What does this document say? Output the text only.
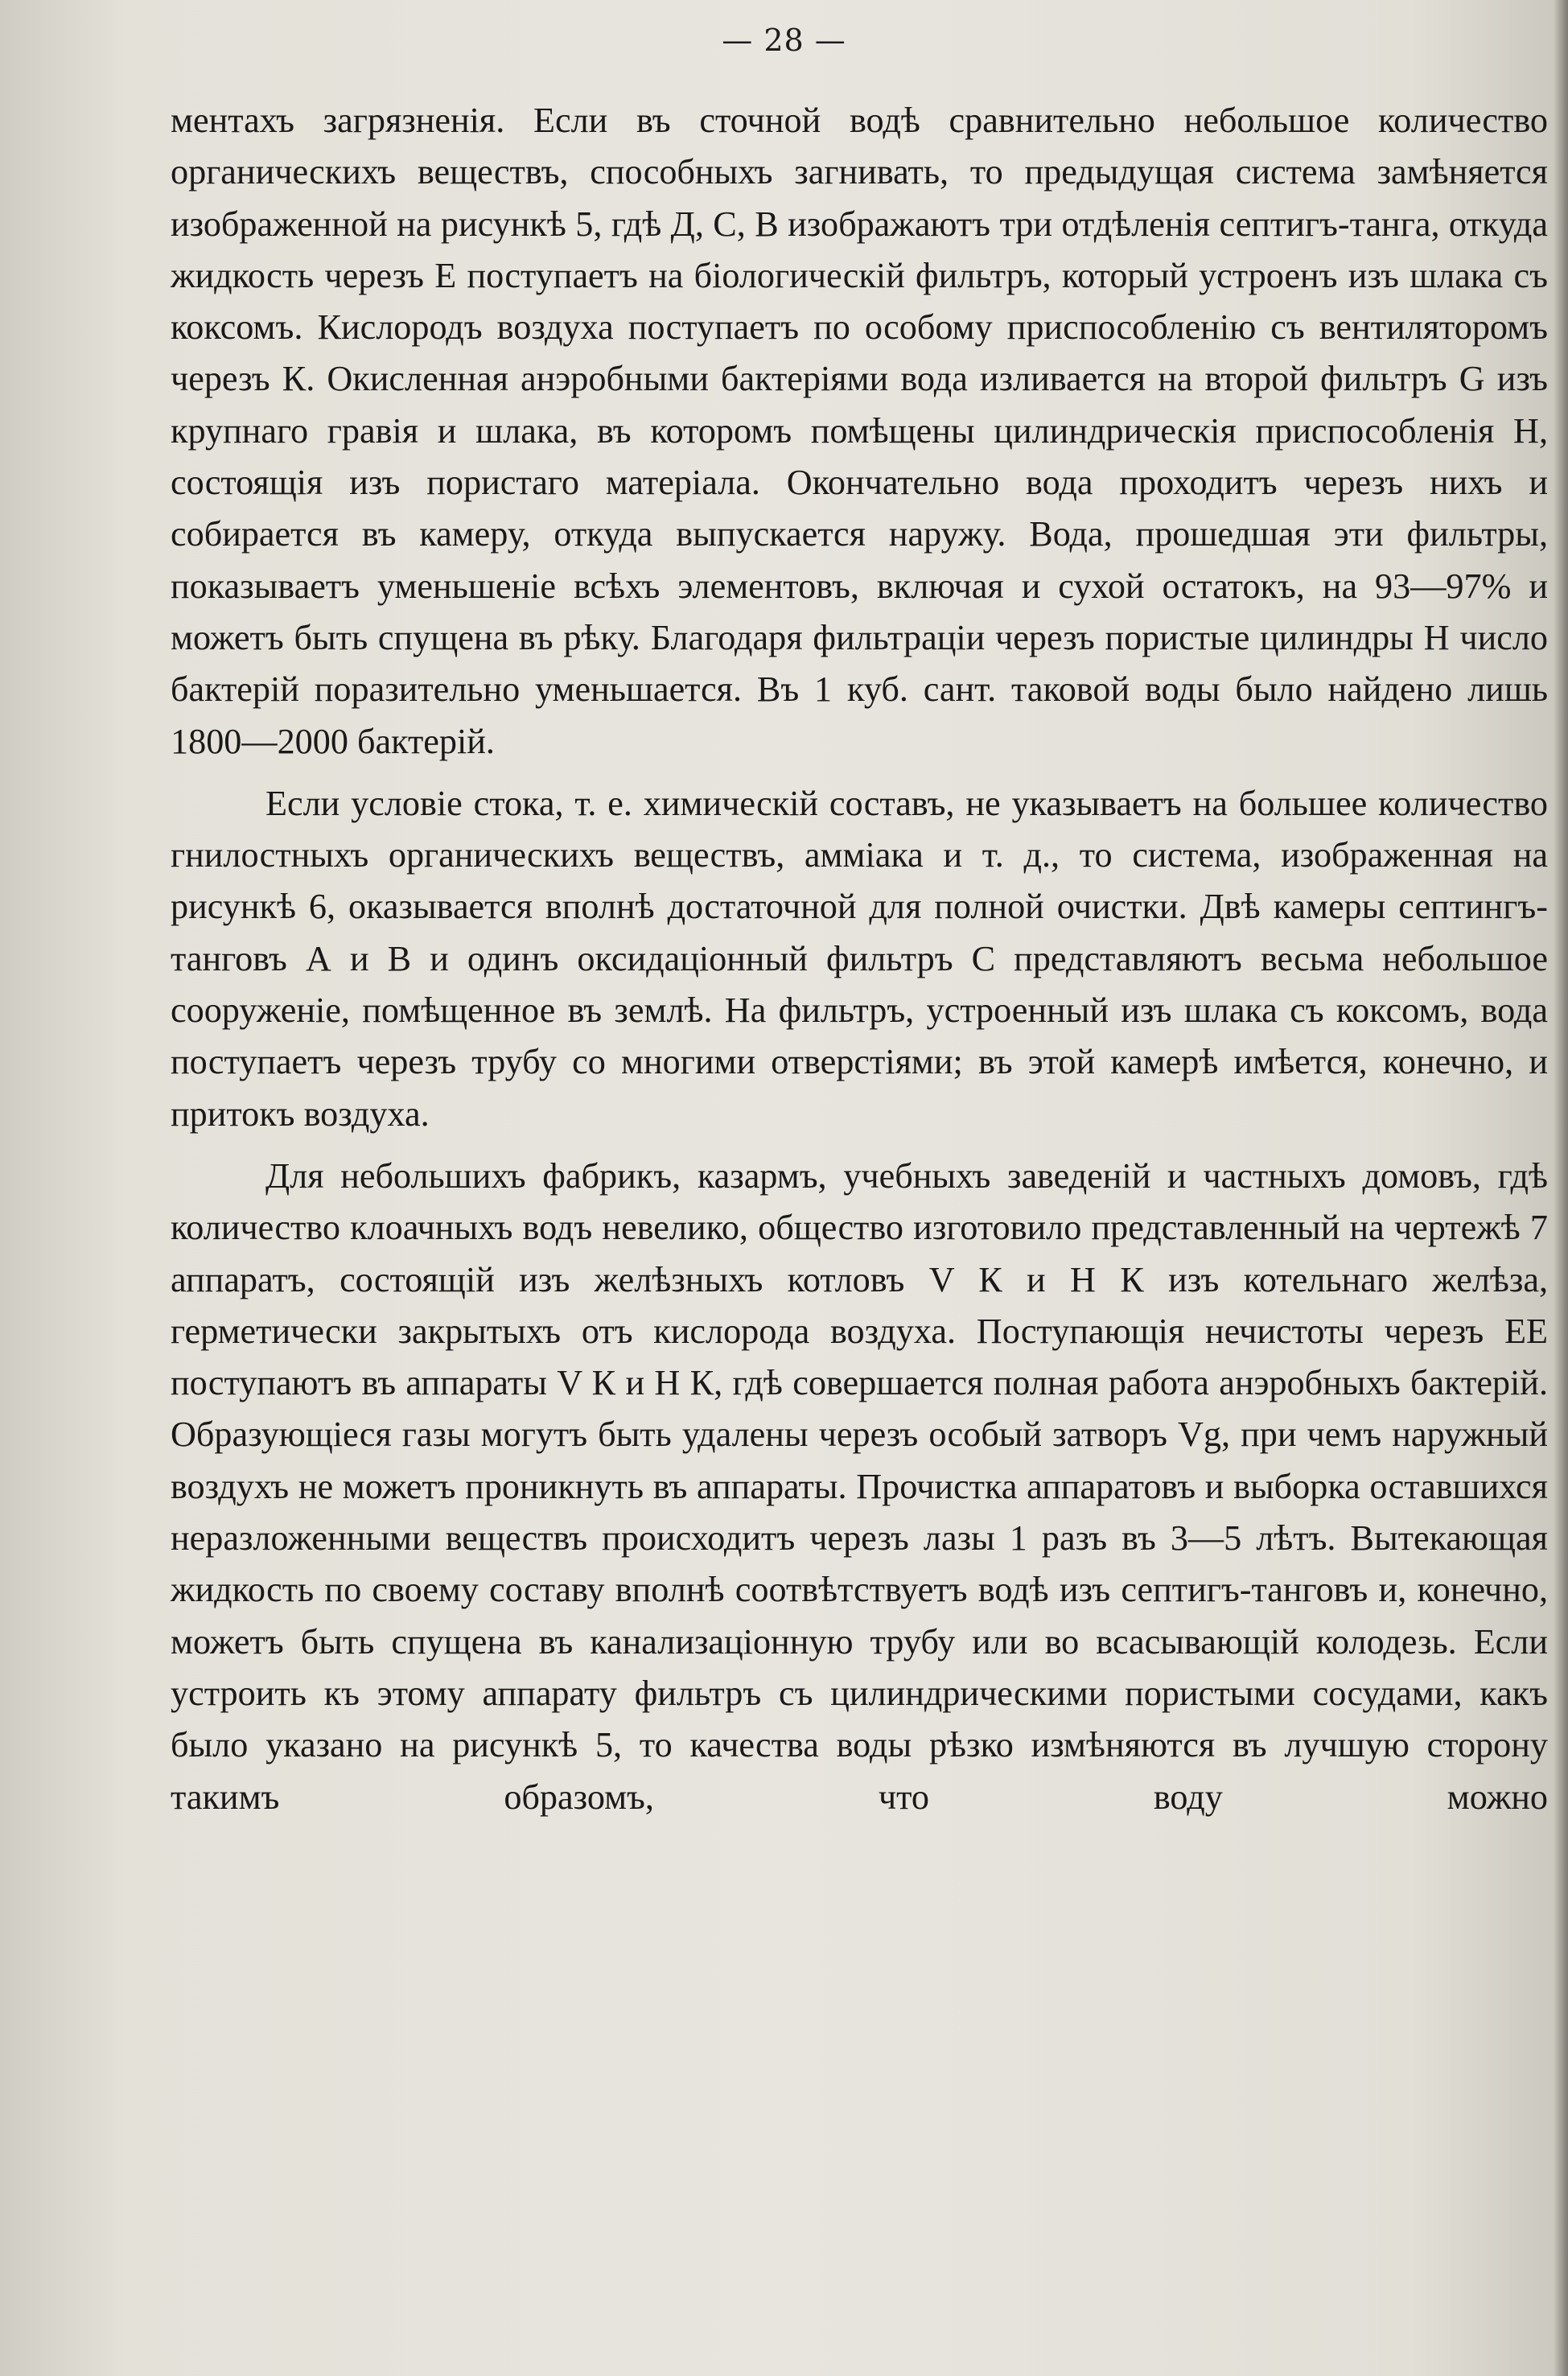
— 28 —

ментахъ загрязненія. Если въ сточной водѣ сравнительно небольшое количество органическихъ веществъ, способныхъ загнивать, то предыдущая система замѣняется изображенной на рисункѣ 5, гдѣ Д, С, В изображаютъ три отдѣленія септигъ-танга, откуда жидкость черезъ Е поступаетъ на біологическій фильтръ, который устроенъ изъ шлака съ коксомъ. Кислородъ воздуха поступаетъ по особому приспособленію съ вентиляторомъ черезъ К. Окисленная анэробными бактеріями вода изливается на второй фильтръ G изъ крупнаго гравія и шлака, въ которомъ помѣщены цилиндрическія приспособленія Н, состоящія изъ пористаго матеріала. Окончательно вода проходитъ черезъ нихъ и собирается въ камеру, откуда выпускается наружу. Вода, прошедшая эти фильтры, показываетъ уменьшеніе всѣхъ элементовъ, включая и сухой остатокъ, на 93—97% и можетъ быть спущена въ рѣку. Благодаря фильтраціи черезъ пористые цилиндры Н число бактерій поразительно уменьшается. Въ 1 куб. сант. таковой воды было найдено лишь 1800—2000 бактерій.

Если условіе стока, т. е. химическій составъ, не указываетъ на большее количество гнилостныхъ органическихъ веществъ, амміака и т. д., то система, изображенная на рисункѣ 6, оказывается вполнѣ достаточной для полной очистки. Двѣ камеры септингъ-танговъ А и В и одинъ оксидаціонный фильтръ С представляютъ весьма небольшое сооруженіе, помѣщенное въ землѣ. На фильтръ, устроенный изъ шлака съ коксомъ, вода поступаетъ черезъ трубу со многими отверстіями; въ этой камерѣ имѣется, конечно, и притокъ воздуха.

Для небольшихъ фабрикъ, казармъ, учебныхъ заведеній и частныхъ домовъ, гдѣ количество клоачныхъ водъ невелико, общество изготовило представленный на чертежѣ 7 аппаратъ, состоящій изъ желѣзныхъ котловъ V К и Н К изъ котельнаго желѣза, герметически закрытыхъ отъ кислорода воздуха. Поступающія нечистоты черезъ ЕЕ поступаютъ въ аппараты V К и Н К, гдѣ совершается полная работа анэробныхъ бактерій. Образующіеся газы могутъ быть удалены черезъ особый затворъ Vg, при чемъ наружный воздухъ не можетъ проникнуть въ аппараты. Прочистка аппаратовъ и выборка оставшихся неразложенными веществъ происходитъ черезъ лазы 1 разъ въ 3—5 лѣтъ. Вытекающая жидкость по своему составу вполнѣ соотвѣтствуетъ водѣ изъ септигъ-танговъ и, конечно, можетъ быть спущена въ канализаціонную трубу или во всасывающій колодезь. Если устроить къ этому аппарату фильтръ съ цилиндрическими пористыми сосудами, какъ было указано на рисункѣ 5, то качества воды рѣзко измѣняются въ лучшую сторону такимъ образомъ, что воду можно
